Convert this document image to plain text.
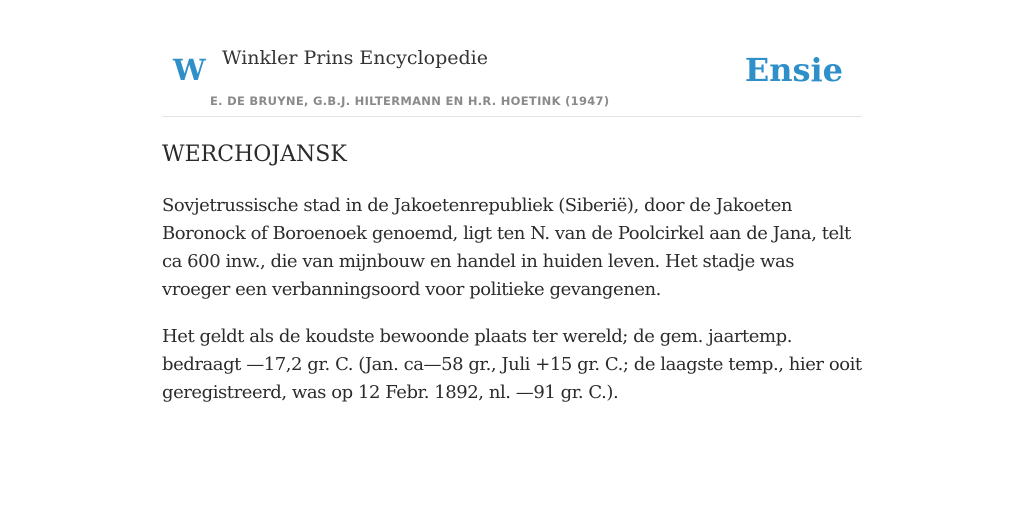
W Winkler Prins Encyclopedie
E. DE BRUYNE, G.B.J. HILTERMANN EN H.R. HOETINK (1947)
Ensie
WERCHOJANSK

Sovjetrussische stad in de Jakoetenrepubliek (Siberië), door de Jakoeten Boronock of Boroenoek genoemd, ligt ten N. van de Poolcirkel aan de Jana, telt ca 600 inw., die van mijnbouw en handel in huiden leven. Het stadje was vroeger een verbanningsoord voor politieke gevangenen.

Het geldt als de koudste bewoonde plaats ter wereld; de gem. jaartemp. bedraagt —17,2 gr. C. (Jan. ca—58 gr., Juli +15 gr. C.; de laagste temp., hier ooit geregistreerd, was op 12 Febr. 1892, nl. —91 gr. C.).
